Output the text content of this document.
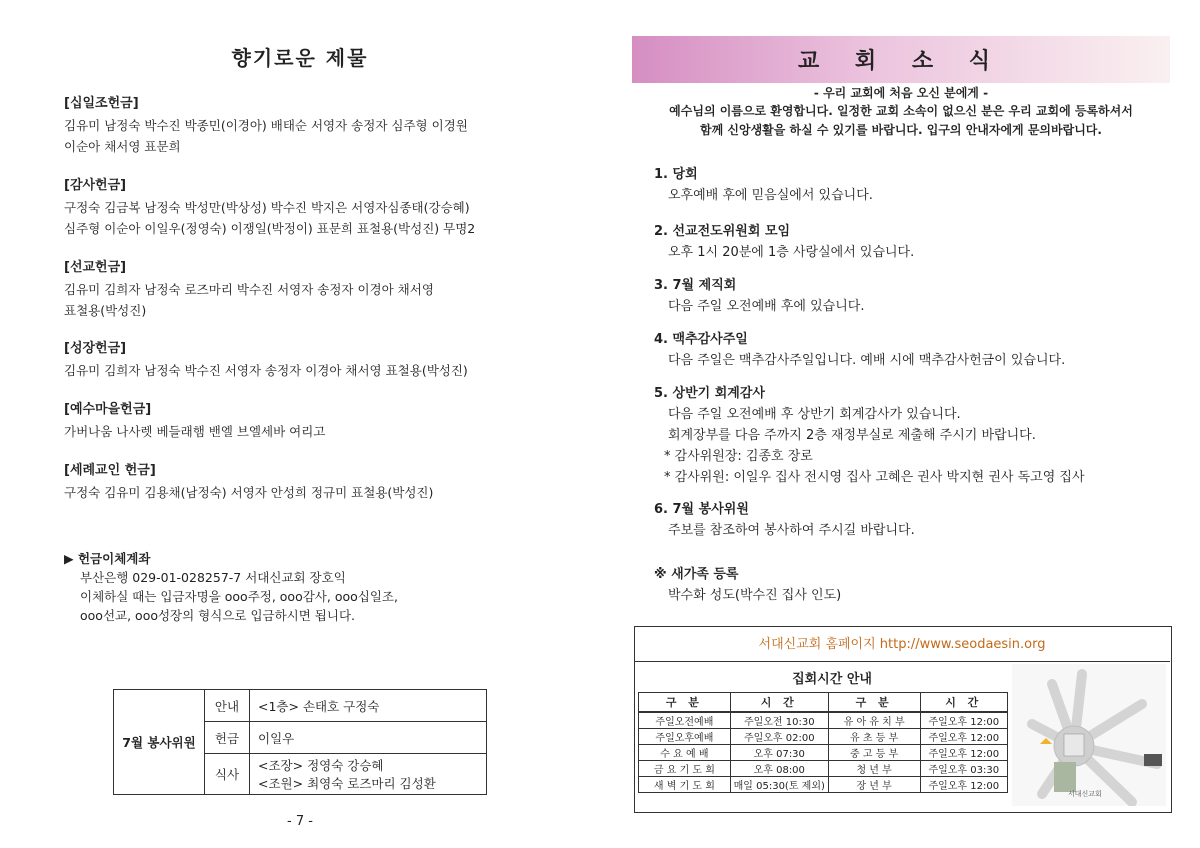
향기로운 제물
[십일조헌금]
김유미 남정숙 박수진 박종민(이경아) 배태순 서영자 송정자 심주형 이경원
이순아 채서영 표문희
[감사헌금]
구정숙 김금복 남정숙 박성만(박상성) 박수진 박지은 서영자심종태(강승혜)
심주형 이순아 이일우(정영숙) 이쟁일(박정이) 표문희 표철용(박성진) 무명2
[선교헌금]
김유미 김희자 남정숙 로즈마리 박수진 서영자 송정자 이경아 채서영
표철용(박성진)
[성장헌금]
김유미 김희자 남정숙 박수진 서영자 송정자 이경아 채서영 표철용(박성진)
[예수마을헌금]
가버나움 나사렛 베들래햄 밴엘 브엘세바 여리고
[세례교인 헌금]
구정숙 김유미 김용채(남정숙) 서영자 안성희 정규미 표철용(박성진)
▶ 헌금이체계좌
부산은행 029-01-028257-7 서대신교회 장호익
이체하실 때는 입금자명을 ooo주정, ooo감사, ooo십일조,
ooo선교, ooo성장의 형식으로 입금하시면 됩니다.
7월 봉사위원	안내	<1층> 손태호 구정숙
	헌금	이일우
	식사	<조장> 정영숙 강승혜
<조원> 최영숙 로즈마리 김성환
- 7 -
교 회 소 식
- 우리 교회에 처음 오신 분에게 -
예수님의 이름으로 환영합니다. 일정한 교회 소속이 없으신 분은 우리 교회에 등록하셔서
함께 신앙생활을 하실 수 있기를 바랍니다. 입구의 안내자에게 문의바랍니다.
1. 당회
오후예배 후에 믿음실에서 있습니다.
2. 선교전도위원회 모임
오후 1시 20분에 1층 사랑실에서 있습니다.
3. 7월 제직회
다음 주일 오전예배 후에 있습니다.
4. 맥추감사주일
다음 주일은 맥추감사주일입니다. 예배 시에 맥추감사헌금이 있습니다.
5. 상반기 회계감사
다음 주일 오전예배 후 상반기 회계감사가 있습니다.
회계장부를 다음 주까지 2층 재정부실로 제출해 주시기 바랍니다.
* 감사위원장: 김종호 장로
* 감사위원: 이일우 집사 전시영 집사 고혜은 권사 박지현 권사 독고영 집사
6. 7월 봉사위원
주보를 참조하여 봉사하여 주시길 바랍니다.
※ 새가족 등록
박수화 성도(박수진 집사 인도)
서대신교회 홈페이지 http://www.seodaesin.org
집회시간 안내
구 분	시 간	구 분	시 간
주일오전예배	주일오전 10:30	유 아 유 치 부	주일오후 12:00
주일오후예배	주일오후 02:00	유 초 등 부	주일오후 12:00
수 요 예 배	오후 07:30	중 고 등 부	주일오후 12:00
금 요 기 도 회	오후 08:00	청 년 부	주일오후 03:30
새 벽 기 도 회	매일 05:30(토 제외)	장 년 부	주일오후 12:00
서대신교회
